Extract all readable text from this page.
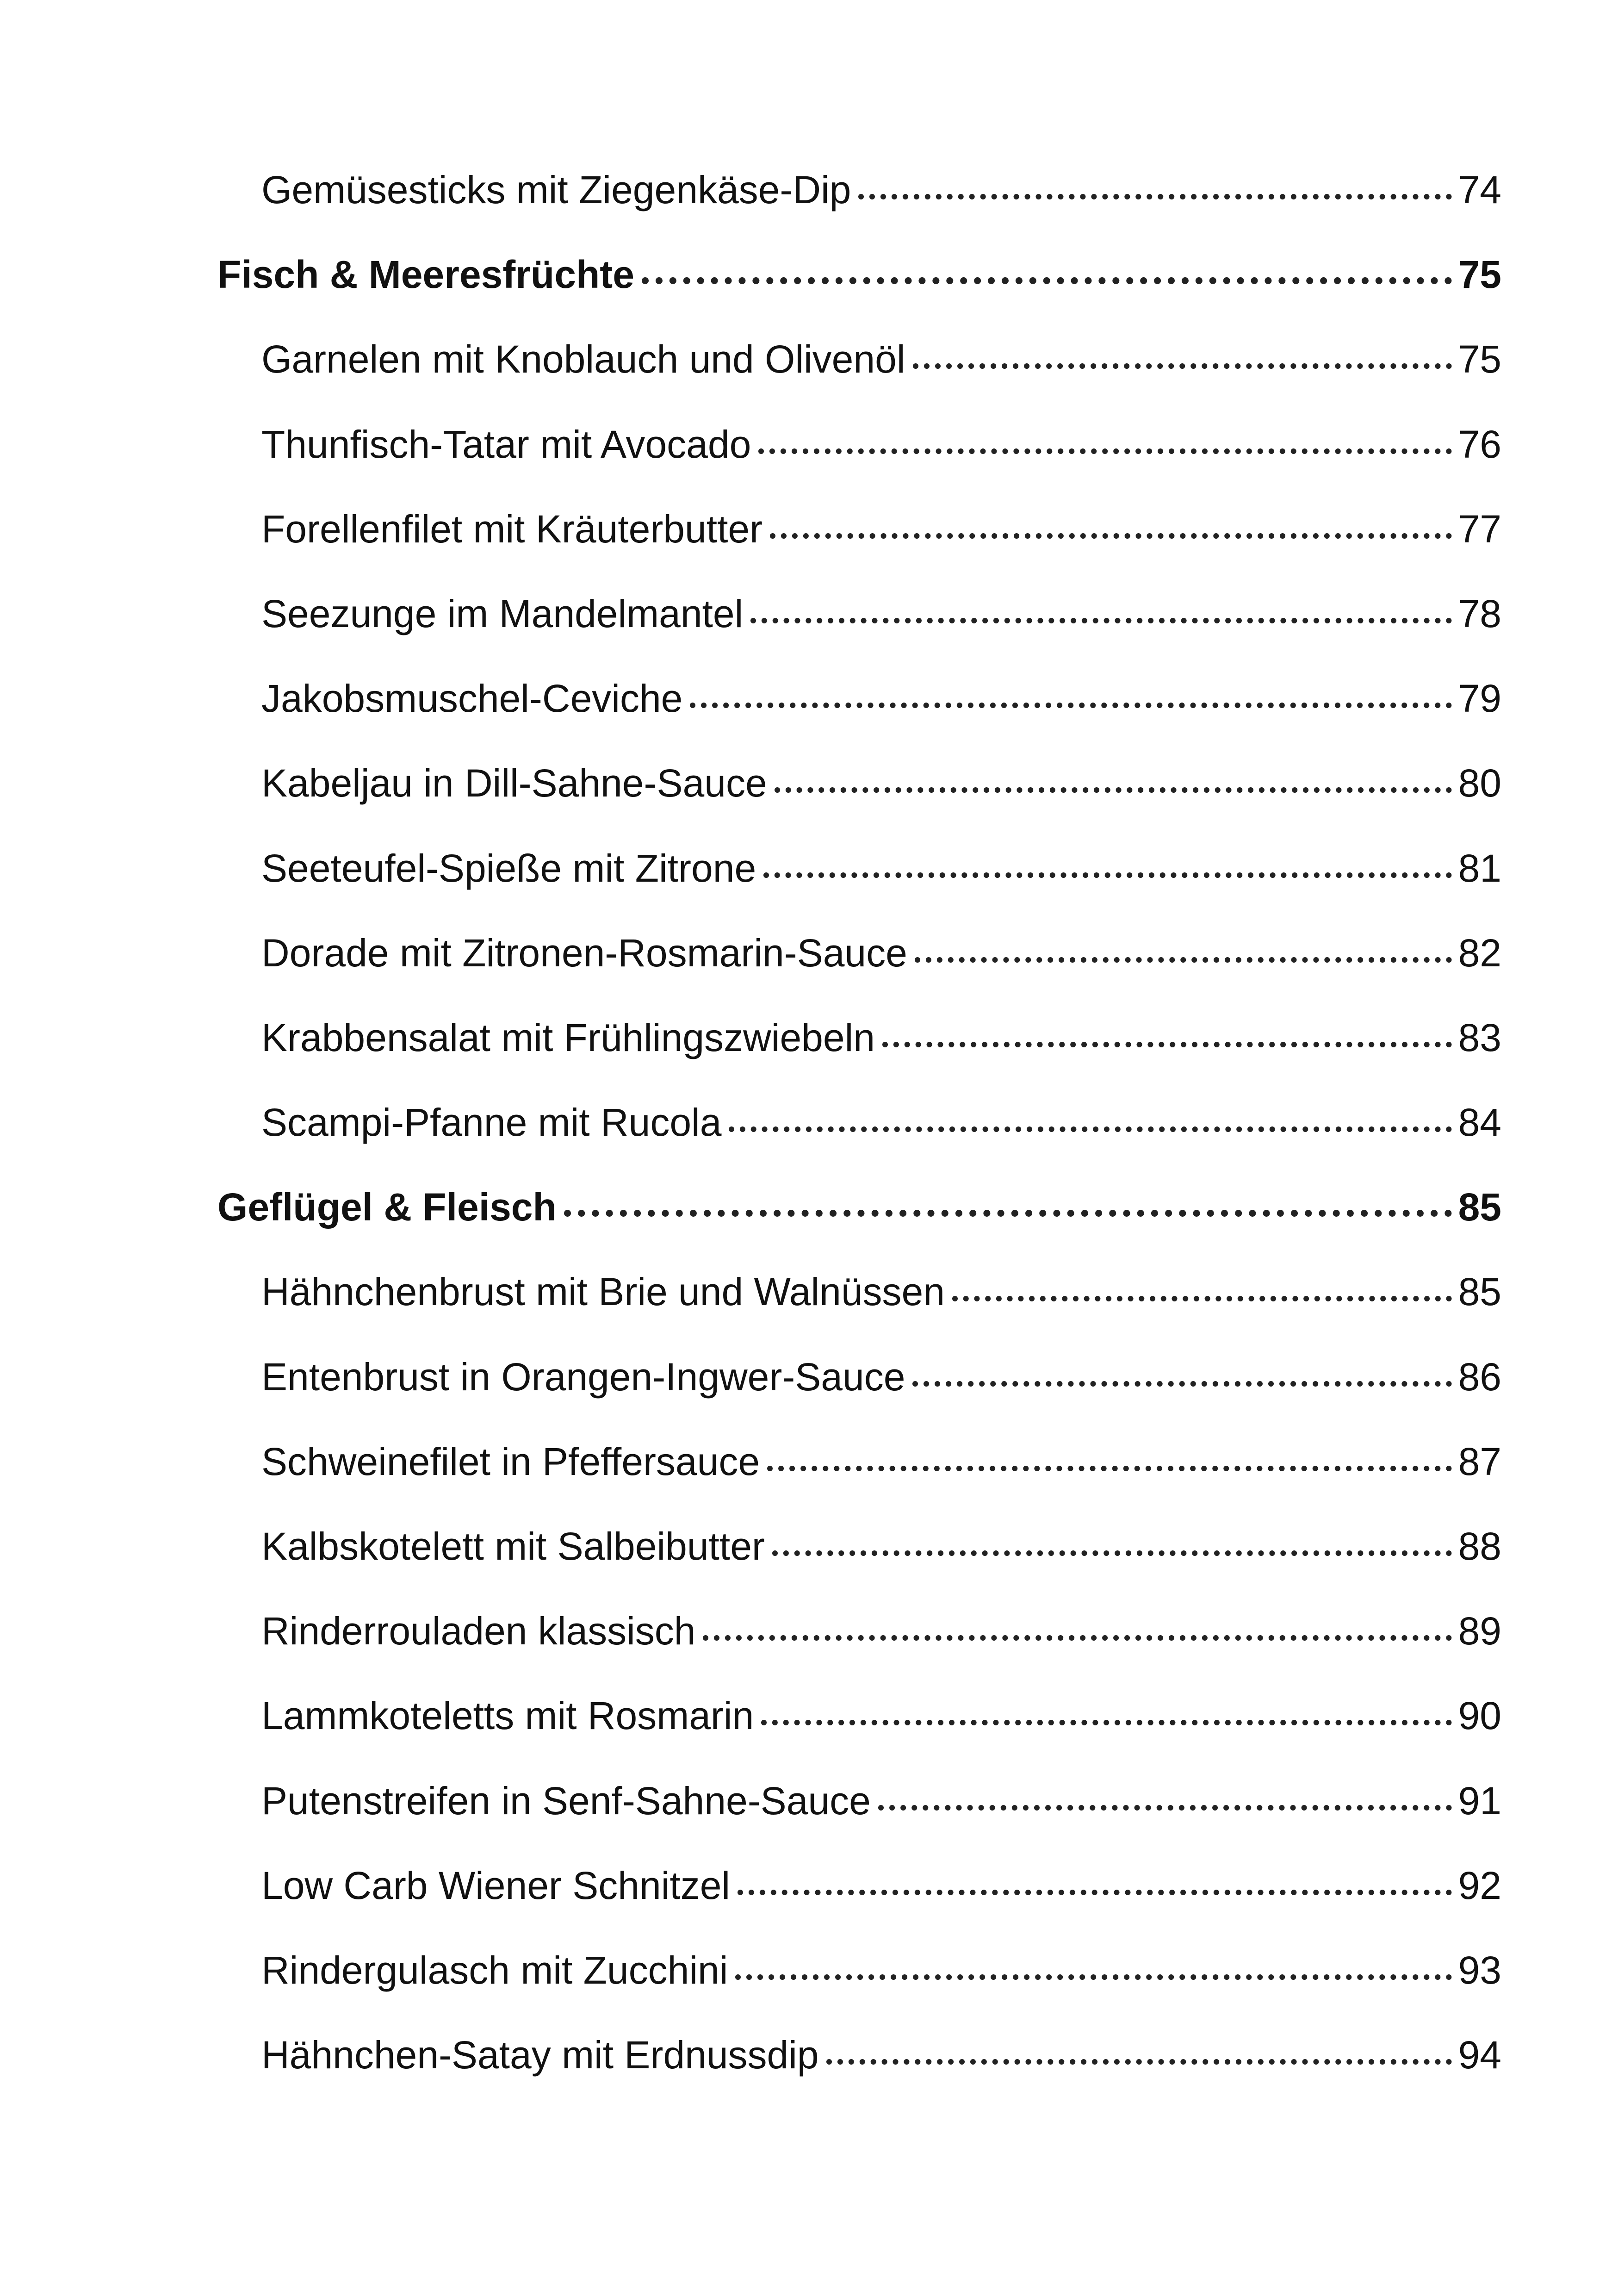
Gemüsesticks mit Ziegenkäse-Dip	74
Fisch & Meeresfrüchte	75
Garnelen mit Knoblauch und Olivenöl	75
Thunfisch-Tatar mit Avocado	76
Forellenfilet mit Kräuterbutter	77
Seezunge im Mandelmantel	78
Jakobsmuschel-Ceviche	79
Kabeljau in Dill-Sahne-Sauce	80
Seeteufel-Spieße mit Zitrone	81
Dorade mit Zitronen-Rosmarin-Sauce	82
Krabbensalat mit Frühlingszwiebeln	83
Scampi-Pfanne mit Rucola	84
Geflügel & Fleisch	85
Hähnchenbrust mit Brie und Walnüssen	85
Entenbrust in Orangen-Ingwer-Sauce	86
Schweinefilet in Pfeffersauce	87
Kalbskotelett mit Salbeibutter	88
Rinderrouladen klassisch	89
Lammkoteletts mit Rosmarin	90
Putenstreifen in Senf-Sahne-Sauce	91
Low Carb Wiener Schnitzel	92
Rindergulasch mit Zucchini	93
Hähnchen-Satay mit Erdnussdip	94
